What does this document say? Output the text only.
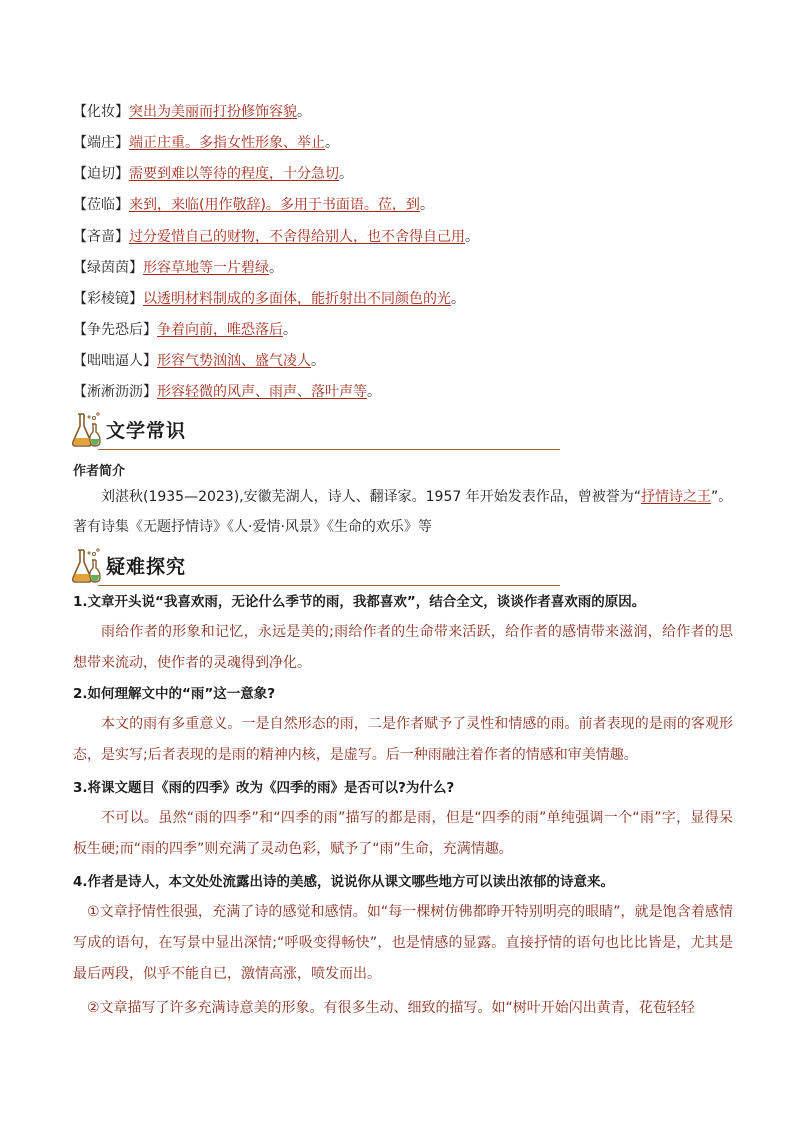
【化妆】突出为美丽而打扮修饰容貌。
【端庄】端正庄重。多指女性形象、举止。
【迫切】需要到难以等待的程度，十分急切。
【莅临】来到，来临(用作敬辞)。多用于书面语。莅，到。
【吝啬】过分爱惜自己的财物，不舍得给别人，也不舍得自己用。
【绿茵茵】形容草地等一片碧绿。
【彩棱镜】以透明材料制成的多面体，能折射出不同颜色的光。
【争先恐后】争着向前，唯恐落后。
【咄咄逼人】形容气势汹汹、盛气凌人。
【淅淅沥沥】形容轻微的风声、雨声、落叶声等。
文学常识
作者简介
刘湛秋(1935—2023),安徽芜湖人，诗人、翻译家。1957 年开始发表作品，曾被誉为“抒情诗之王”。
著有诗集《无题抒情诗》《人·爱情·风景》《生命的欢乐》等
疑难探究
1.文章开头说“我喜欢雨，无论什么季节的雨，我都喜欢”，结合全文，谈谈作者喜欢雨的原因。
雨给作者的形象和记忆，永远是美的;雨给作者的生命带来活跃，给作者的感情带来滋润，给作者的思想带来流动，使作者的灵魂得到净化。
2.如何理解文中的“雨”这一意象?
本文的雨有多重意义。一是自然形态的雨，二是作者赋予了灵性和情感的雨。前者表现的是雨的客观形态，是实写;后者表现的是雨的精神内核，是虚写。后一种雨融注着作者的情感和审美情趣。
3.将课文题目《雨的四季》改为《四季的雨》是否可以?为什么?
不可以。虽然“雨的四季”和“四季的雨”描写的都是雨，但是“四季的雨”单纯强调一个“雨”字，显得呆板生硬;而“雨的四季”则充满了灵动色彩，赋予了“雨”生命，充满情趣。
4.作者是诗人，本文处处流露出诗的美感，说说你从课文哪些地方可以读出浓郁的诗意来。
①文章抒情性很强，充满了诗的感觉和感情。如“每一棵树仿佛都睁开特别明亮的眼睛”，就是饱含着感情写成的语句，在写景中显出深情;“呼吸变得畅快”，也是情感的显露。直接抒情的语句也比比皆是，尤其是最后两段，似乎不能自已，激情高涨，喷发而出。
②文章描写了许多充满诗意美的形象。有很多生动、细致的描写。如“树叶开始闪出黄青，花苞轻轻
